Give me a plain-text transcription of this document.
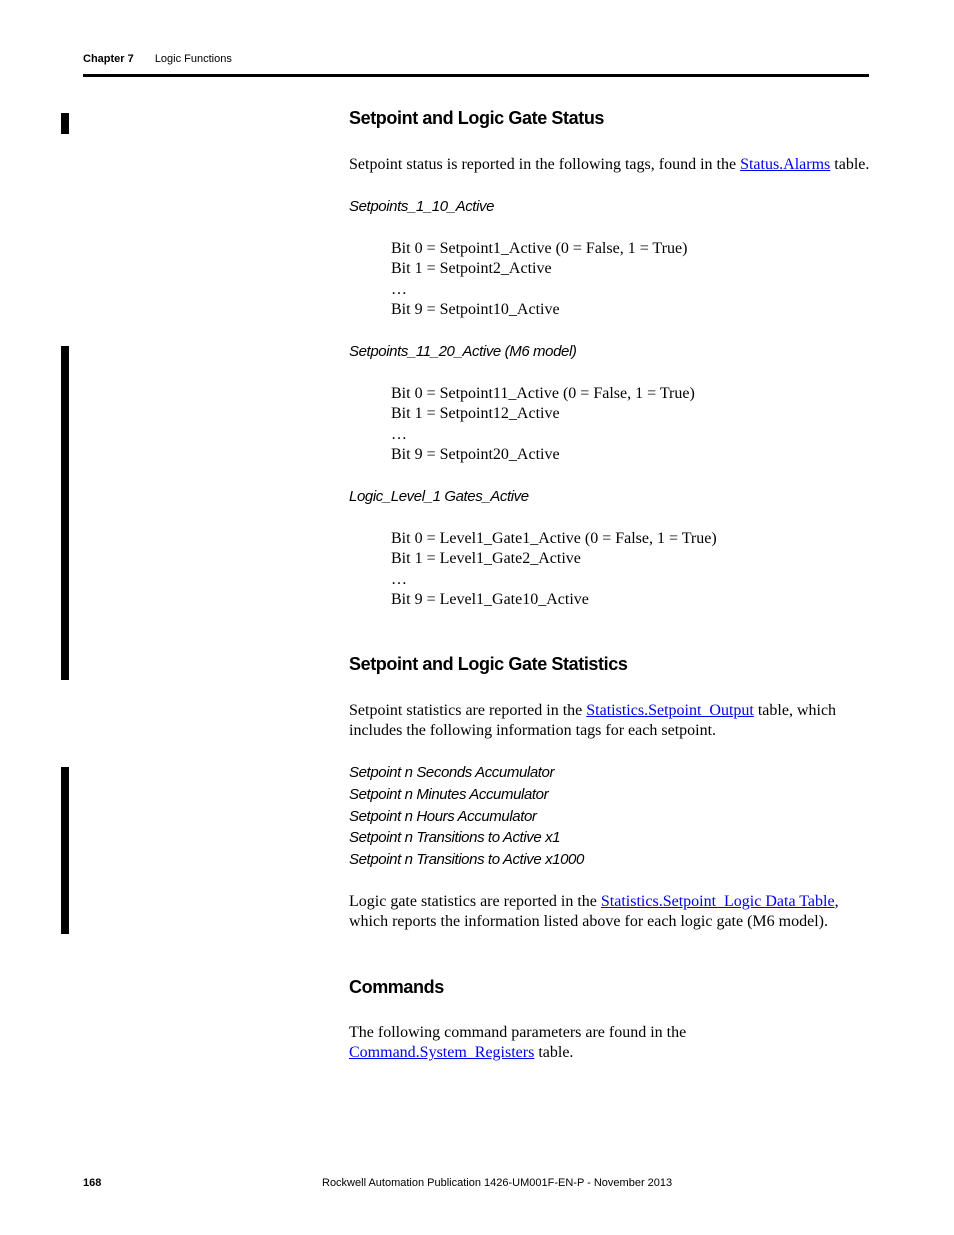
Chapter 7 Logic Functions
Setpoint and Logic Gate Status
Setpoint status is reported in the following tags, found in the Status.Alarms table.
Setpoints_1_10_Active
Bit 0 = Setpoint1_Active (0 = False, 1 = True)
Bit 1 = Setpoint2_Active
…
Bit 9 = Setpoint10_Active
Setpoints_11_20_Active (M6 model)
Bit 0 = Setpoint11_Active (0 = False, 1 = True)
Bit 1 = Setpoint12_Active
…
Bit 9 = Setpoint20_Active
Logic_Level_1 Gates_Active
Bit 0 = Level1_Gate1_Active (0 = False, 1 = True)
Bit 1 = Level1_Gate2_Active
…
Bit 9 = Level1_Gate10_Active
Setpoint and Logic Gate Statistics
Setpoint statistics are reported in the Statistics.Setpoint_Output table, which includes the following information tags for each setpoint.
Setpoint n Seconds Accumulator
Setpoint n Minutes Accumulator
Setpoint n Hours Accumulator
Setpoint n Transitions to Active x1
Setpoint n Transitions to Active x1000
Logic gate statistics are reported in the Statistics.Setpoint_Logic Data Table, which reports the information listed above for each logic gate (M6 model).
Commands
The following command parameters are found in the Command.System_Registers table.
168	Rockwell Automation Publication 1426-UM001F-EN-P - November 2013
